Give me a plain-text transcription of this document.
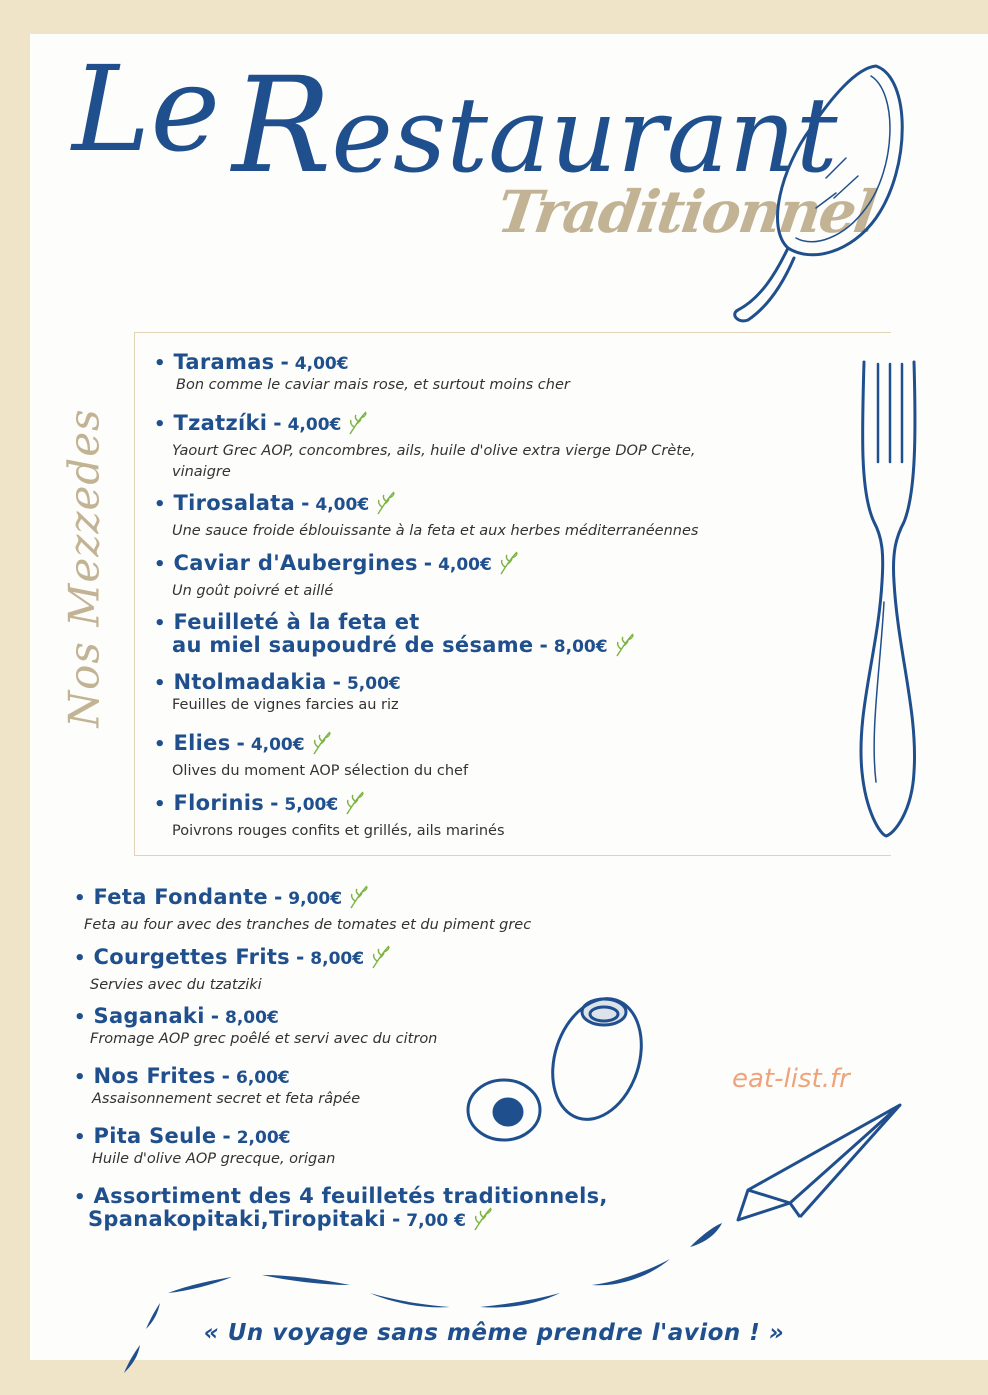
Le Restaurant
Traditionnel
Nos Mezzedes
• Taramas - 4,00€
Bon comme le caviar mais rose, et surtout moins cher
• Tzatzíki - 4,00€
Yaourt Grec AOP, concombres, ails, huile d'olive extra vierge DOP Crète,
vinaigre
• Tirosalata - 4,00€
Une sauce froide éblouissante à la feta et aux herbes méditerranéennes
• Caviar d'Aubergines - 4,00€
Un goût poivré et aillé
• Feuilleté à la feta et
au miel saupoudré de sésame - 8,00€
• Ntolmadakia - 5,00€
Feuilles de vignes farcies au riz
• Elies - 4,00€
Olives du moment AOP sélection du chef
• Florinis - 5,00€
Poivrons rouges confits et grillés, ails marinés
• Feta Fondante - 9,00€
Feta au four avec des tranches de tomates et du piment grec
• Courgettes Frits - 8,00€
Servies avec du tzatziki
• Saganaki - 8,00€
Fromage AOP grec poêlé et servi avec du citron
• Nos Frites - 6,00€
Assaisonnement secret et feta râpée
• Pita Seule - 2,00€
Huile d'olive AOP grecque, origan
• Assortiment des 4 feuilletés traditionnels,
Spanakopitaki,Tiropitaki - 7,00 €
eat-list.fr
« Un voyage sans même prendre l'avion ! »
